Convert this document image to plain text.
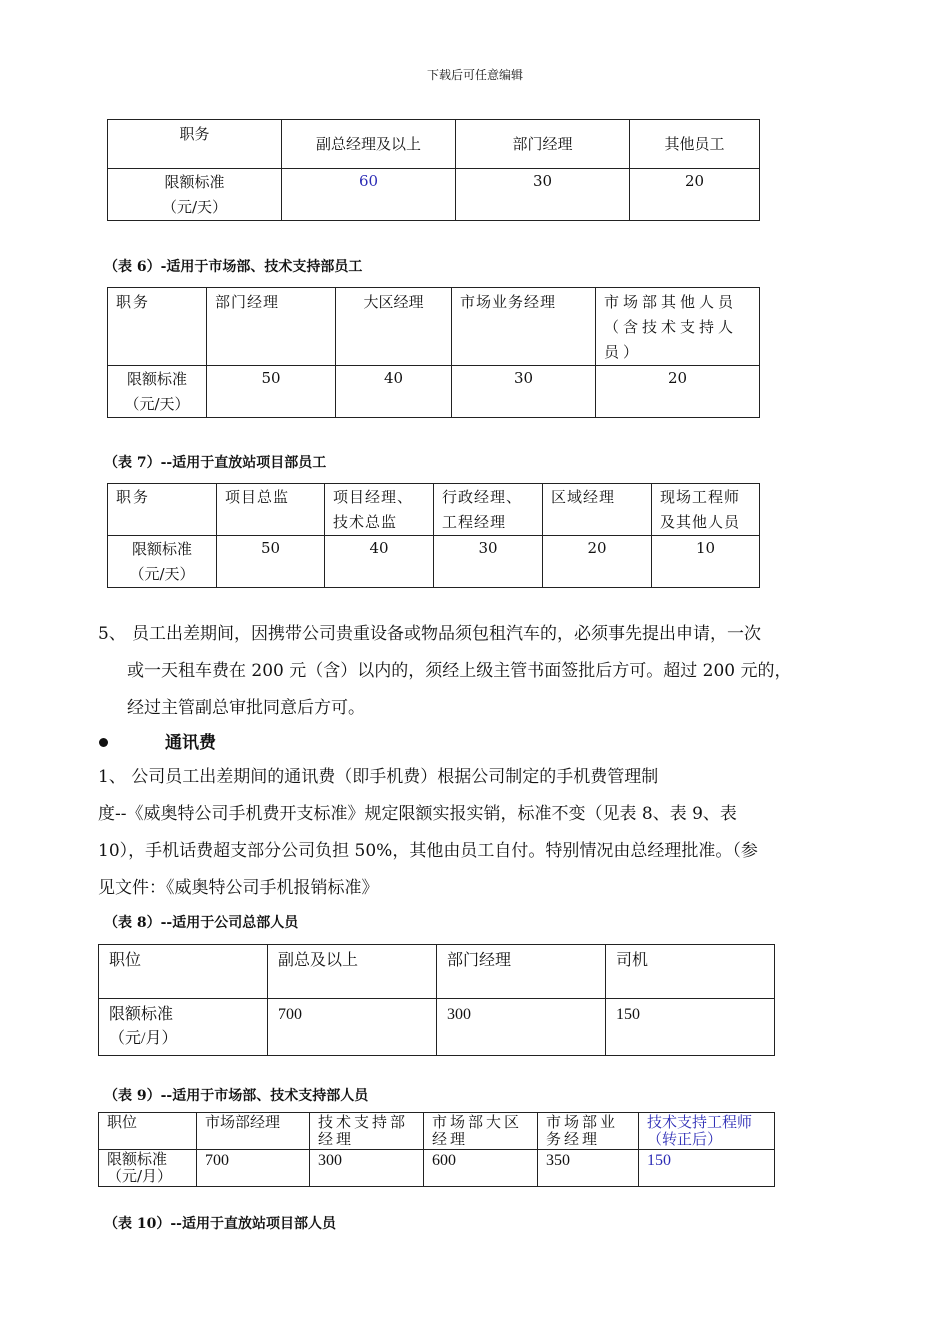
下载后可任意编辑
职务	副总经理及以上	部门经理	其他员工
限额标准
（元/天）	60	30	20
（表 6）-适用于市场部、技术支持部员工
职务	部门经理	大区经理	市场业务经理	市场部其他人员（含技术支持人员）
限额标准
（元/天）	50	40	30	20
（表 7）--适用于直放站项目部员工
职务	项目总监	项目经理、技术总监	行政经理、工程经理	区域经理	现场工程师及其他人员
限额标准
（元/天）	50	40	30	20	10
5、 员工出差期间，因携带公司贵重设备或物品须包租汽车的，必须事先提出申请，一次
或一天租车费在 200 元（含）以内的，须经上级主管书面签批后方可。超过 200 元的，
经过主管副总审批同意后方可。
通讯费
1、 公司员工出差期间的通讯费（即手机费）根据公司制定的手机费管理制
度--《威奥特公司手机费开支标准》规定限额实报实销，标准不变（见表 8、表 9、表
10），手机话费超支部分公司负担 50%，其他由员工自付。特别情况由总经理批准。（参
见文件：《威奥特公司手机报销标准》
（表 8）--适用于公司总部人员
职位	副总及以上	部门经理	司机
限额标准
（元/月）	700	300	150
（表 9）--适用于市场部、技术支持部人员
职位	市场部经理	技术支持部经理	市场部大区经理	市场部业务经理	技术支持工程师
（转正后）
限额标准
（元/月）	700	300	600	350	150
（表 10）--适用于直放站项目部人员
